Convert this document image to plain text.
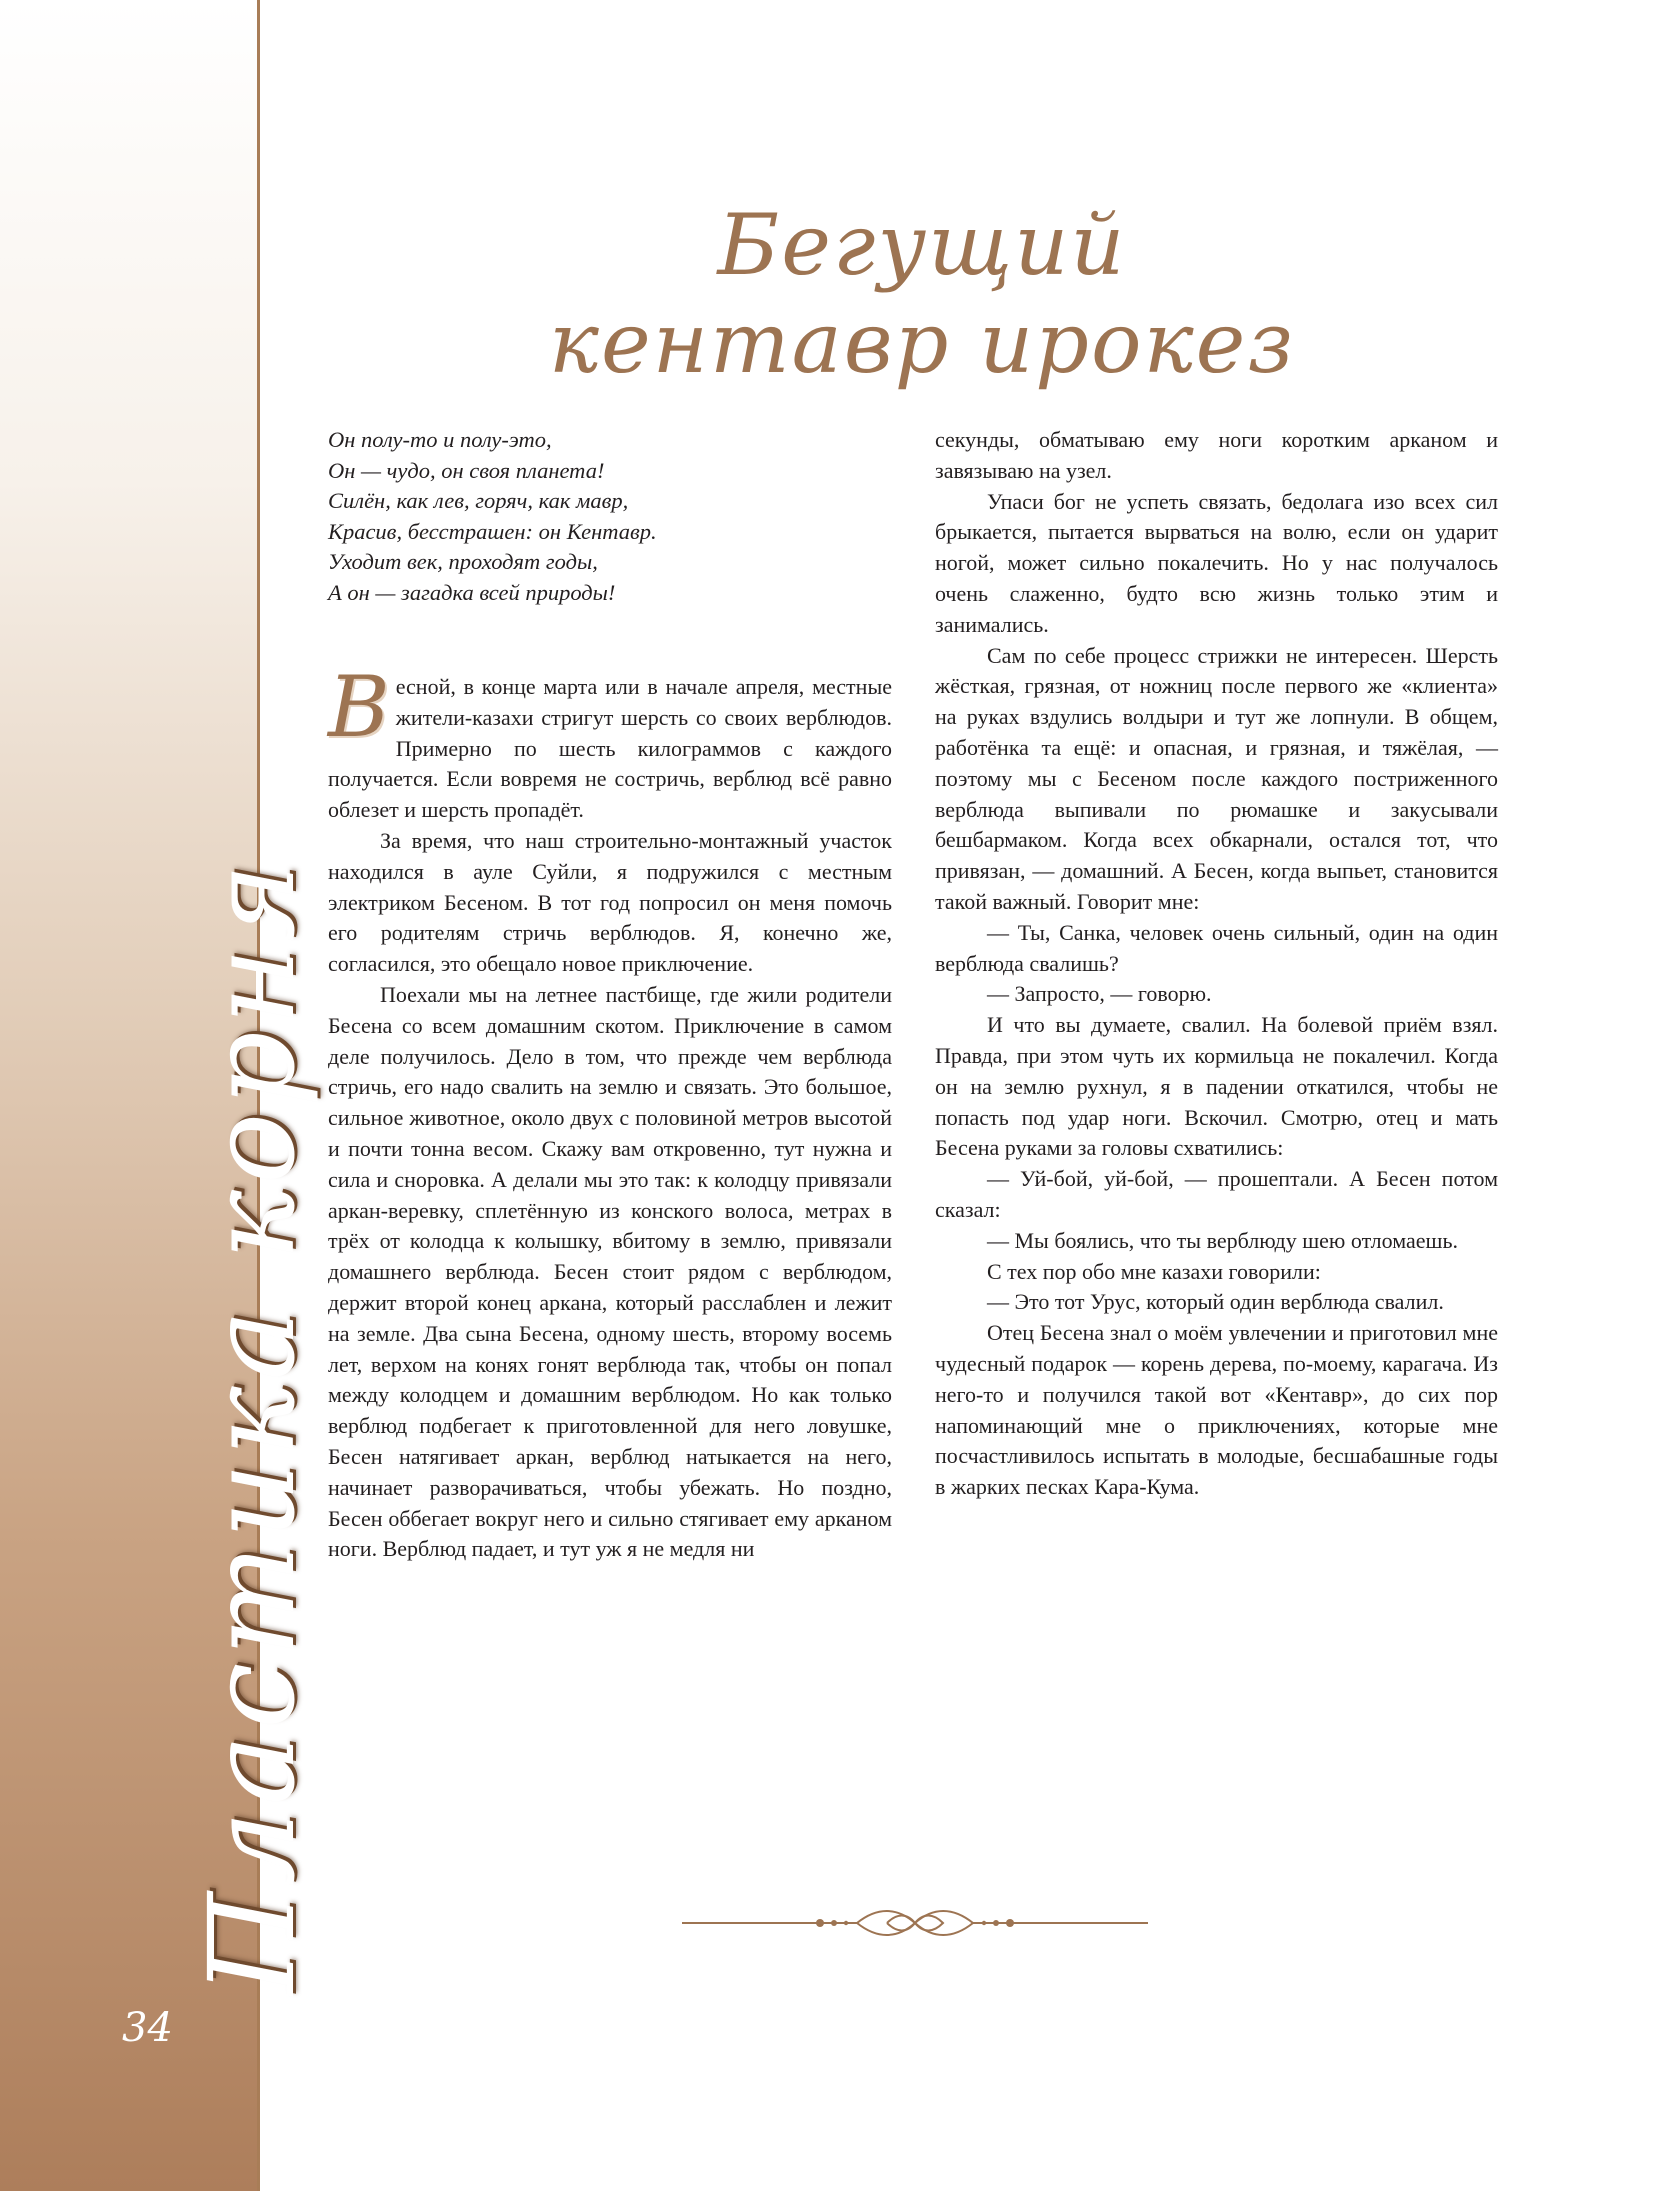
Пластика корня
34
Бегущий кентавр ирокез
Он полу-то и полу-это,
Он — чудо, он своя планета!
Силён, как лев, горяч, как мавр,
Красив, бесстрашен: он Кентавр.
Уходит век, проходят годы,
А он — загадка всей природы!

Весной, в конце марта или в начале апреля, местные жители-казахи стригут шерсть со своих верблюдов. Примерно по шесть килограммов с каждого получается. Если вовремя не состричь, верблюд всё равно облезет и шерсть пропадёт.

За время, что наш строительно-монтажный участок находился в ауле Суйли, я подружился с местным электриком Бесеном. В тот год попросил он меня помочь его родителям стричь верблюдов. Я, конечно же, согласился, это обещало новое приключение.

Поехали мы на летнее пастбище, где жили родители Бесена со всем домашним скотом. Приключение в самом деле получилось. Дело в том, что прежде чем верблюда стричь, его надо свалить на землю и связать. Это большое, сильное животное, около двух с половиной метров высотой и почти тонна весом. Скажу вам откровенно, тут нужна и сила и сноровка. А делали мы это так: к колодцу привязали аркан-веревку, сплетённую из конского волоса, метрах в трёх от колодца к колышку, вбитому в землю, привязали домашнего верблюда. Бесен стоит рядом с верблюдом, держит второй конец аркана, который расслаблен и лежит на земле. Два сына Бесена, одному шесть, второму восемь лет, верхом на конях гонят верблюда так, чтобы он попал между колодцем и домашним верблюдом. Но как только верблюд подбегает к приготовленной для него ловушке, Бесен натягивает аркан, верблюд натыкается на него, начинает разворачиваться, чтобы убежать. Но поздно, Бесен оббегает вокруг него и сильно стягивает ему арканом ноги. Верблюд падает, и тут уж я не медля ни

секунды, обматываю ему ноги коротким арканом и завязываю на узел.

Упаси бог не успеть связать, бедолага изо всех сил брыкается, пытается вырваться на волю, если он ударит ногой, может сильно покалечить. Но у нас получалось очень слаженно, будто всю жизнь только этим и занимались.

Сам по себе процесс стрижки не интересен. Шерсть жёсткая, грязная, от ножниц после первого же «клиента» на руках вздулись волдыри и тут же лопнули. В общем, работёнка та ещё: и опасная, и грязная, и тяжёлая, — поэтому мы с Бесеном после каждого постриженного верблюда выпивали по рюмашке и закусывали бешбармаком. Когда всех обкарнали, остался тот, что привязан, — домашний. А Бесен, когда выпьет, становится такой важный. Говорит мне:

— Ты, Санка, человек очень сильный, один на один верблюда свалишь?

— Запросто, — говорю.

И что вы думаете, свалил. На болевой приём взял. Правда, при этом чуть их кормильца не покалечил. Когда он на землю рухнул, я в падении откатился, чтобы не попасть под удар ноги. Вскочил. Смотрю, отец и мать Бесена руками за головы схватились:

— Уй-бой, уй-бой, — прошептали. А Бесен потом сказал:

— Мы боялись, что ты верблюду шею отломаешь.

С тех пор обо мне казахи говорили:

— Это тот Урус, который один верблюда свалил.

Отец Бесена знал о моём увлечении и приготовил мне чудесный подарок — корень дерева, по-моему, карагача. Из него-то и получился такой вот «Кентавр», до сих пор напоминающий мне о приключениях, которые мне посчастливилось испытать в молодые, бесшабашные годы в жарких песках Кара-Кума.
